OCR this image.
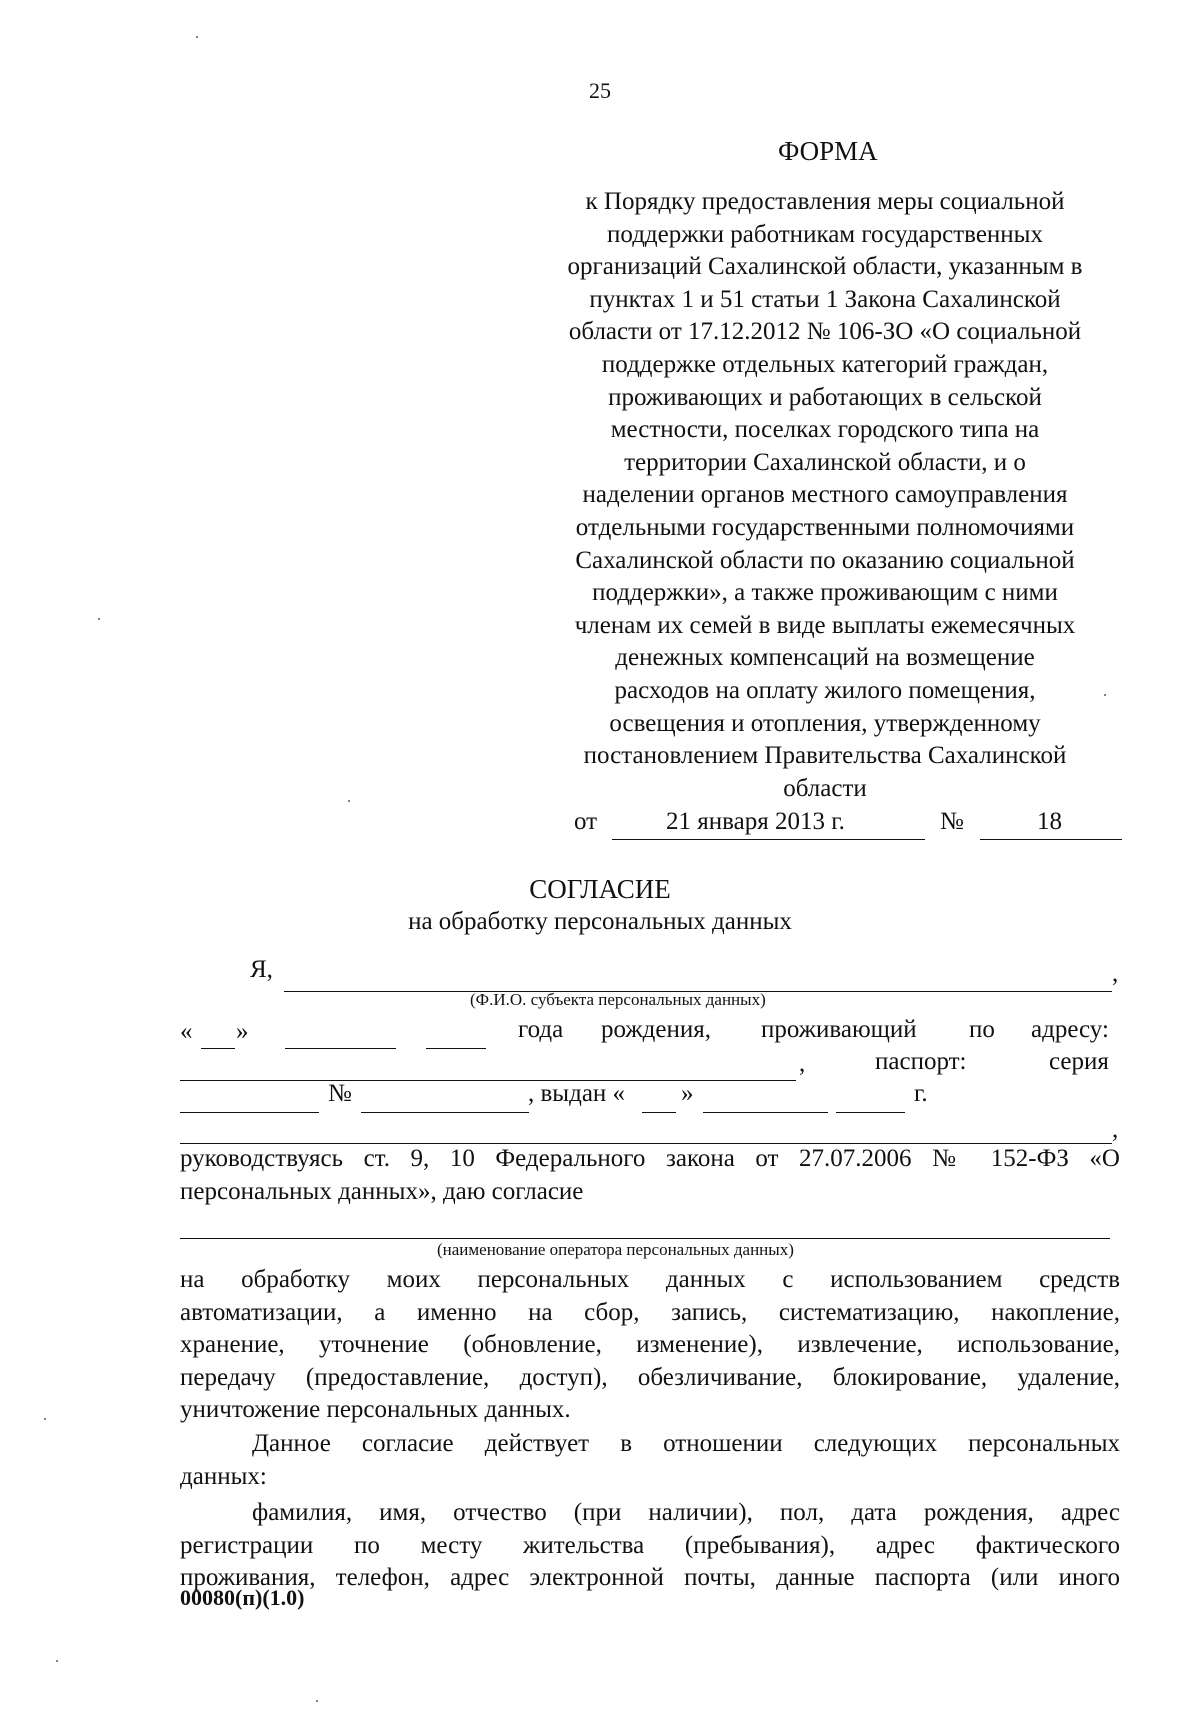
25
ФОРМА
к Порядку предоставления меры социальной
поддержки работникам государственных
организаций Сахалинской области, указанным в
пунктах 1 и 51 статьи 1 Закона Сахалинской
области от 17.12.2012 № 106-ЗО «О социальной
поддержке отдельных категорий граждан,
проживающих и работающих в сельской
местности, поселках городского типа на
территории Сахалинской области, и о
наделении органов местного самоуправления
отдельными государственными полномочиями
Сахалинской области по оказанию социальной
поддержки», а также проживающим с ними
членам их семей в виде выплаты ежемесячных
денежных компенсаций на возмещение
расходов на оплату жилого помещения,
освещения и отопления, утвержденному
постановлением Правительства Сахалинской
области
от	21 января 2013 г.	№	18
СОГЛАСИЕ
на обработку персональных данных
Я,	,
(Ф.И.О. субъекта персональных данных)
« »	года рождения, проживающий по адресу:
,	паспорт:	серия
№	, выдан « »	г.
,
руководствуясь ст. 9, 10 Федерального закона от 27.07.2006 № 152-ФЗ «О
персональных данных», даю согласие
(наименование оператора персональных данных)
на обработку моих персональных данных с использованием средств
автоматизации, а именно на сбор, запись, систематизацию, накопление,
хранение, уточнение (обновление, изменение), извлечение, использование,
передачу (предоставление, доступ), обезличивание, блокирование, удаление,
уничтожение персональных данных.
Данное согласие действует в отношении следующих персональных
данных:
фамилия, имя, отчество (при наличии), пол, дата рождения, адрес
регистрации по месту жительства (пребывания), адрес фактического
проживания, телефон, адрес электронной почты, данные паспорта (или иного
00080(п)(1.0)
